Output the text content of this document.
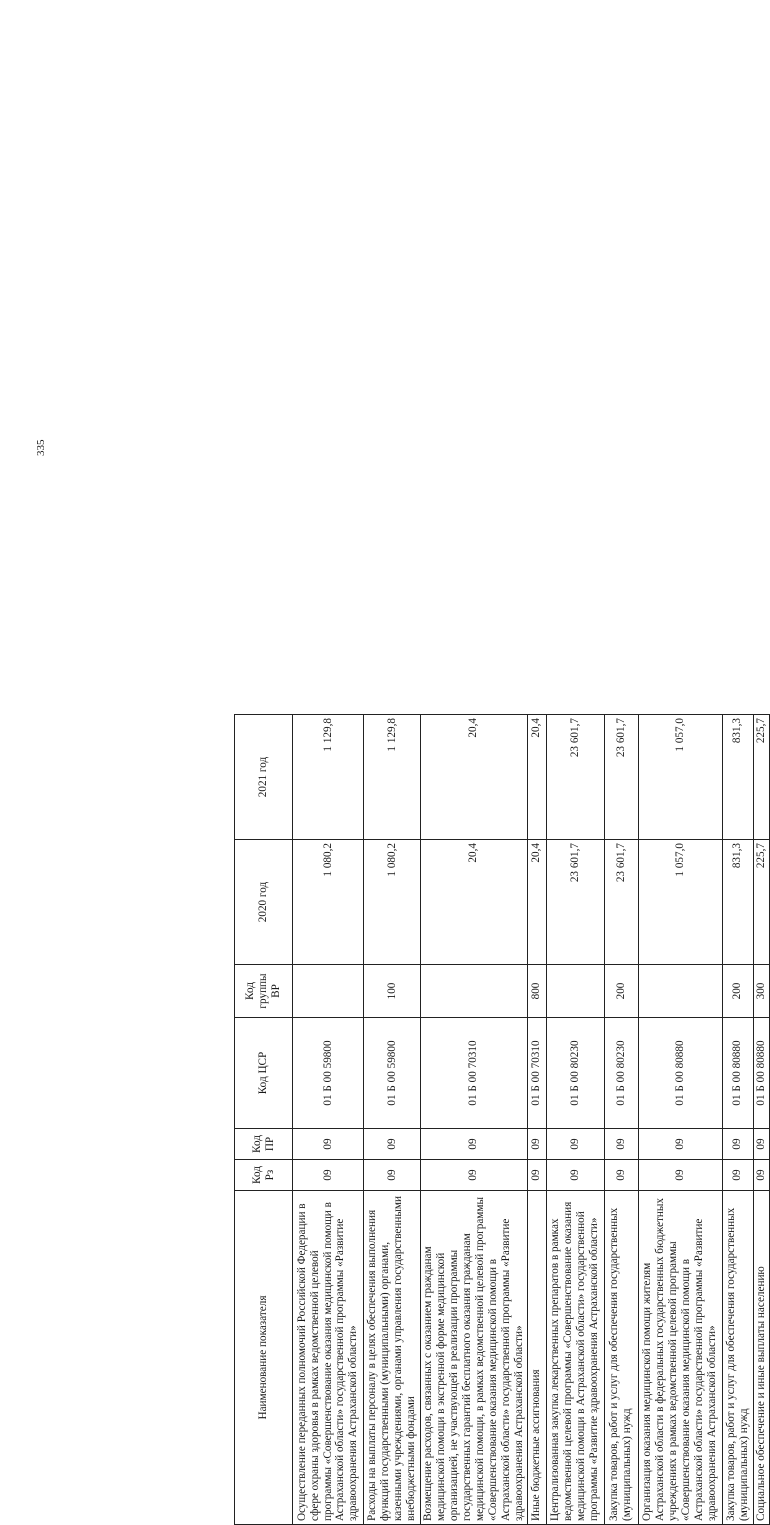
335
Наименование показателя	Код Рз	Код ПР	Код ЦСР	Код группы ВР	2020 год	2021 год
Осуществление переданных полномочий Российской Федерации в сфере охраны здоровья в рамках ведомственной целевой программы «Совершенствование оказания медицинской помощи в Астраханской области» государственной программы «Развитие здравоохранения Астраханской области»	09	09	01 Б 00 59800		1 080,2	1 129,8
Расходы на выплаты персоналу в целях обеспечения выполнения функций государственными (муниципальными) органами, казенными учреждениями, органами управления государственными внебюджетными фондами	09	09	01 Б 00 59800	100	1 080,2	1 129,8
Возмещение расходов, связанных с оказанием гражданам медицинской помощи в экстренной форме медицинской организацией, не участвующей в реализации программы государственных гарантий бесплатного оказания гражданам медицинской помощи, в рамках ведомственной целевой программы «Совершенствование оказания медицинской помощи в Астраханской области» государственной программы «Развитие здравоохранения Астраханской области»	09	09	01 Б 00 70310		20,4	20,4
Иные бюджетные ассигнования	09	09	01 Б 00 70310	800	20,4	20,4
Централизованная закупка лекарственных препаратов в рамках ведомственной целевой программы «Совершенствование оказания медицинской помощи в Астраханской области» государственной программы «Развитие здравоохранения Астраханской области»	09	09	01 Б 00 80230		23 601,7	23 601,7
Закупка товаров, работ и услуг для обеспечения государственных (муниципальных) нужд	09	09	01 Б 00 80230	200	23 601,7	23 601,7
Организация оказания медицинской помощи жителям Астраханской области в федеральных государственных бюджетных учреждениях в рамках ведомственной целевой программы «Совершенствование оказания медицинской помощи в Астраханской области» государственной программы «Развитие здравоохранения Астраханской области»	09	09	01 Б 00 80880		1 057,0	1 057,0
Закупка товаров, работ и услуг для обеспечения государственных (муниципальных) нужд	09	09	01 Б 00 80880	200	831,3	831,3
Социальное обеспечение и иные выплаты населению	09	09	01 Б 00 80880	300	225,7	225,7
